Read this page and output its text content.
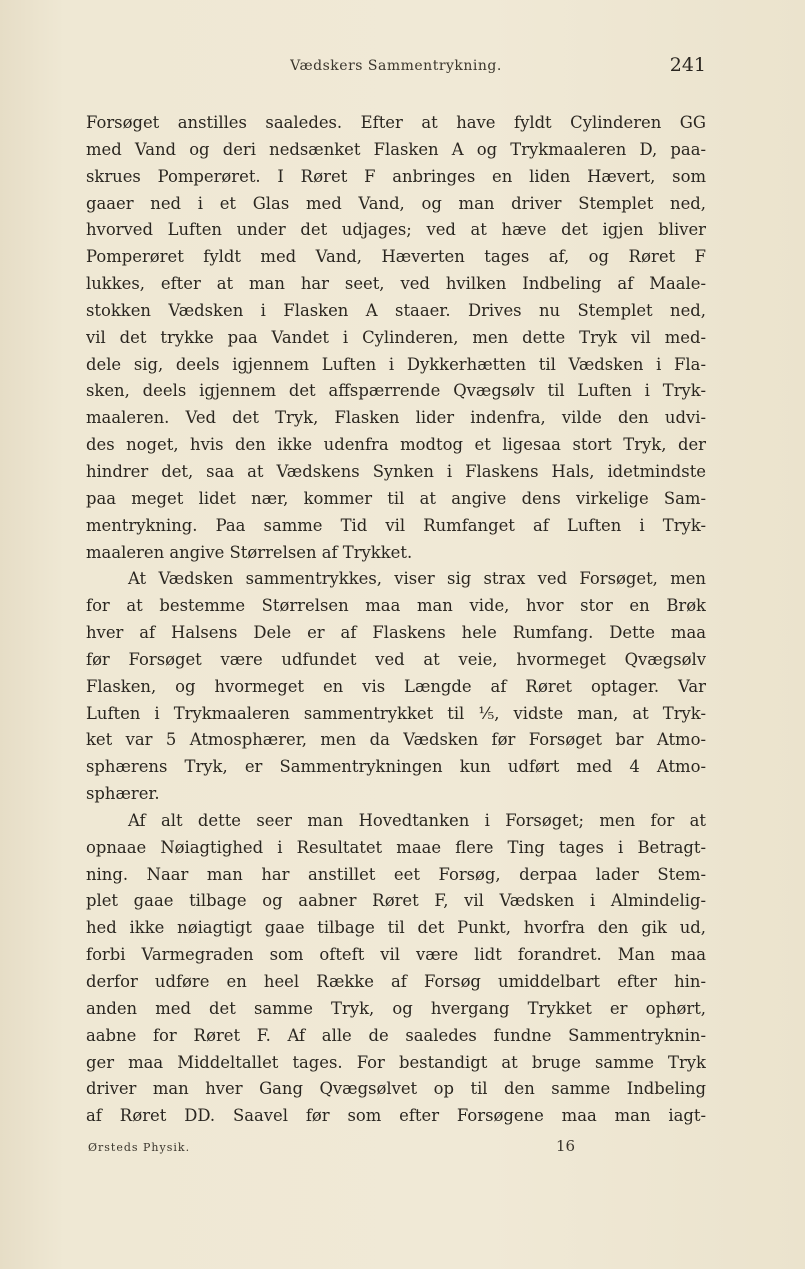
Vædskers Sammentrykning.	241
Forsøget anstilles saaledes. Efter at have fyldt Cylinderen GG
med Vand og deri nedsænket Flasken A og Trykmaaleren D, paa-
skrues Pomperøret. I Røret F anbringes en liden Hævert, som
gaaer ned i et Glas med Vand, og man driver Stemplet ned,
hvorved Luften under det udjages; ved at hæve det igjen bliver
Pomperøret fyldt med Vand, Hæverten tages af, og Røret F
lukkes, efter at man har seet, ved hvilken Indbeling af Maale-
stokken Vædsken i Flasken A staaer. Drives nu Stemplet ned,
vil det trykke paa Vandet i Cylinderen, men dette Tryk vil med-
dele sig, deels igjennem Luften i Dykkerhætten til Vædsken i Fla-
sken, deels igjennem det affspærrende Qvægsølv til Luften i Tryk-
maaleren. Ved det Tryk, Flasken lider indenfra, vilde den udvi-
des noget, hvis den ikke udenfra modtog et ligesaa stort Tryk, der
hindrer det, saa at Vædskens Synken i Flaskens Hals, idetmindste
paa meget lidet nær, kommer til at angive dens virkelige Sam-
mentrykning. Paa samme Tid vil Rumfanget af Luften i Tryk-
maaleren angive Størrelsen af Trykket.
At Vædsken sammentrykkes, viser sig strax ved Forsøget, men
for at bestemme Størrelsen maa man vide, hvor stor en Brøk
hver af Halsens Dele er af Flaskens hele Rumfang. Dette maa
før Forsøget være udfundet ved at veie, hvormeget Qvægsølv
Flasken, og hvormeget en vis Længde af Røret optager. Var
Luften i Trykmaaleren sammentrykket til ⅕, vidste man, at Tryk-
ket var 5 Atmosphærer, men da Vædsken før Forsøget bar Atmo-
sphærens Tryk, er Sammentrykningen kun udført med 4 Atmo-
sphærer.
Af alt dette seer man Hovedtanken i Forsøget; men for at
opnaae Nøiagtighed i Resultatet maae flere Ting tages i Betragt-
ning. Naar man har anstillet eet Forsøg, derpaa lader Stem-
plet gaae tilbage og aabner Røret F, vil Vædsken i Almindelig-
hed ikke nøiagtigt gaae tilbage til det Punkt, hvorfra den gik ud,
forbi Varmegraden som ofteft vil være lidt forandret. Man maa
derfor udføre en heel Række af Forsøg umiddelbart efter hin-
anden med det samme Tryk, og hvergang Trykket er ophørt,
aabne for Røret F. Af alle de saaledes fundne Sammentryknin-
ger maa Middeltallet tages. For bestandigt at bruge samme Tryk
driver man hver Gang Qvægsølvet op til den samme Indbeling
af Røret DD. Saavel før som efter Forsøgene maa man iagt-
Ørsteds Physik.	16
